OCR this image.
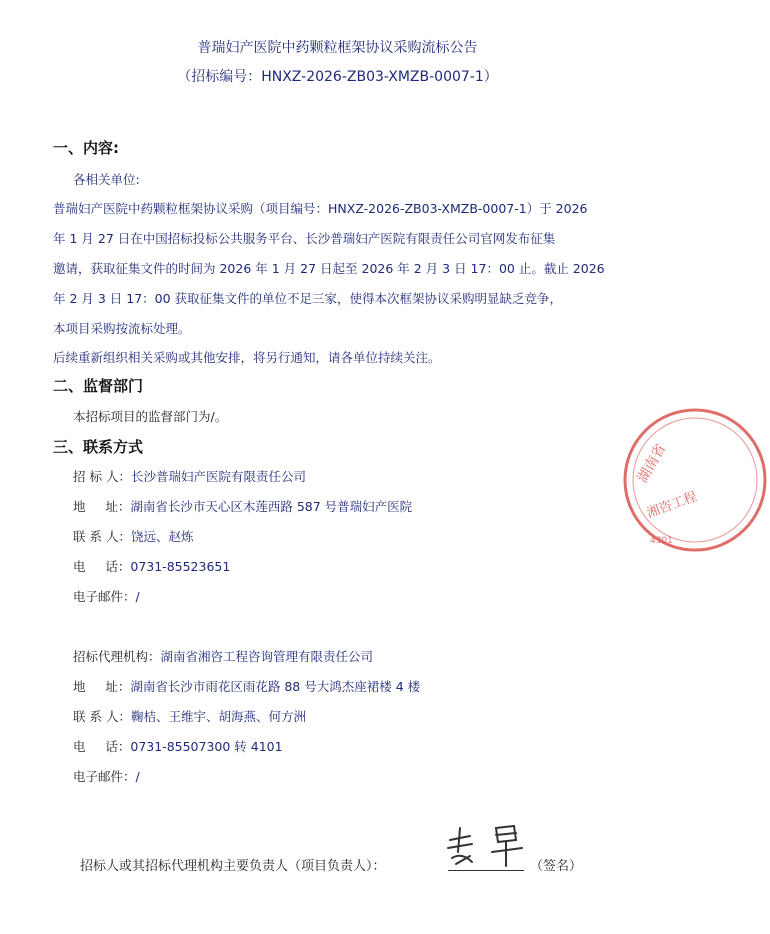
普瑞妇产医院中药颗粒框架协议采购流标公告
（招标编号：HNXZ-2026-ZB03-XMZB-0007-1）
一、内容:
各相关单位:
普瑞妇产医院中药颗粒框架协议采购（项目编号：HNXZ-2026-ZB03-XMZB-0007-1）于 2026
年 1 月 27 日在中国招标投标公共服务平台、长沙普瑞妇产医院有限责任公司官网发布征集
邀请，获取征集文件的时间为 2026 年 1 月 27 日起至 2026 年 2 月 3 日 17：00 止。截止 2026
年 2 月 3 日 17：00 获取征集文件的单位不足三家，使得本次框架协议采购明显缺乏竞争，
本项目采购按流标处理。
后续重新组织相关采购或其他安排，将另行通知，请各单位持续关注。
二、监督部门
本招标项目的监督部门为/。
三、联系方式
招 标 人：长沙普瑞妇产医院有限责任公司
地     址：湖南省长沙市天心区木莲西路 587 号普瑞妇产医院
联 系 人：饶远、赵炼
电     话：0731-85523651
电子邮件：/
招标代理机构：湖南省湘咨工程咨询管理有限责任公司
地     址：湖南省长沙市雨花区雨花路 88 号大鸿杰座裙楼 4 楼
联 系 人：鞠桔、王维宇、胡海燕、何方洲
电     话：0731-85507300 转 4101
电子邮件：/
湖南省
湘咨工程
4301
招标人或其招标代理机构主要负责人（项目负责人）：	（签名）
